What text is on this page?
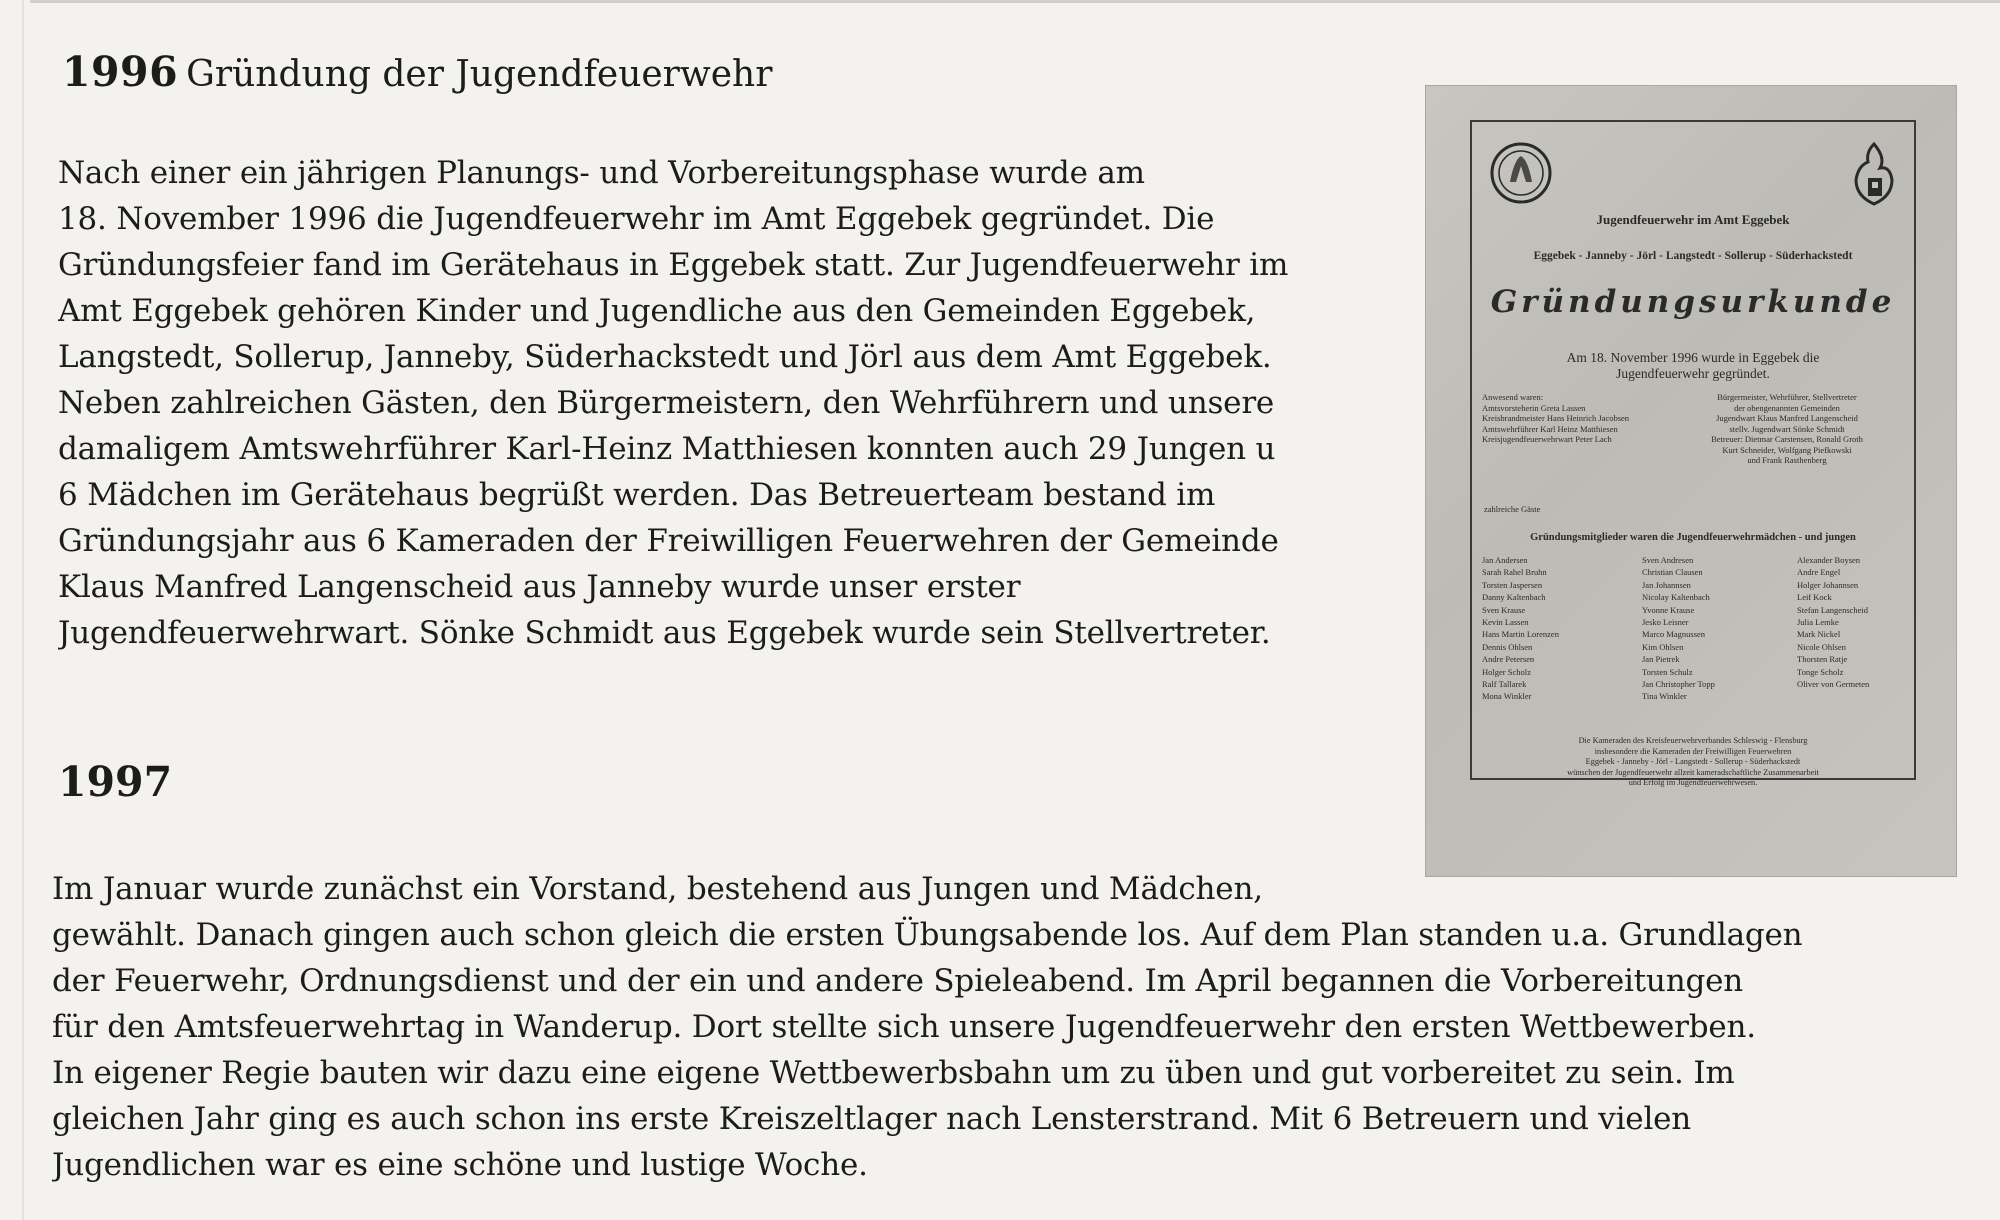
1996 Gründung der Jugendfeuerwehr
Nach einer ein jährigen Planungs- und Vorbereitungsphase wurde am
18. November 1996 die Jugendfeuerwehr im Amt Eggebek gegründet. Die
Gründungsfeier fand im Gerätehaus in Eggebek statt. Zur Jugendfeuerwehr im
Amt Eggebek gehören Kinder und Jugendliche aus den Gemeinden Eggebek,
Langstedt, Sollerup, Janneby, Süderhackstedt und Jörl aus dem Amt Eggebek.
Neben zahlreichen Gästen, den Bürgermeistern, den Wehrführern und unsere
damaligem Amtswehrführer Karl-Heinz Matthiesen konnten auch 29 Jungen u
6 Mädchen im Gerätehaus begrüßt werden. Das Betreuerteam bestand im
Gründungsjahr aus 6 Kameraden der Freiwilligen Feuerwehren der Gemeinde
Klaus Manfred Langenscheid aus Janneby wurde unser erster
Jugendfeuerwehrwart. Sönke Schmidt aus Eggebek wurde sein Stellvertreter.
1997
Im Januar wurde zunächst ein Vorstand, bestehend aus Jungen und Mädchen,
gewählt. Danach gingen auch schon gleich die ersten Übungsabende los. Auf dem Plan standen u.a. Grundlagen
der Feuerwehr, Ordnungsdienst und der ein und andere Spieleabend. Im April begannen die Vorbereitungen
für den Amtsfeuerwehrtag in Wanderup. Dort stellte sich unsere Jugendfeuerwehr den ersten Wettbewerben.
In eigener Regie bauten wir dazu eine eigene Wettbewerbsbahn um zu üben und gut vorbereitet zu sein. Im
gleichen Jahr ging es auch schon ins erste Kreiszeltlager nach Lensterstrand. Mit 6 Betreuern und vielen
Jugendlichen war es eine schöne und lustige Woche.
Jugendfeuerwehr im Amt Eggebek
Eggebek - Janneby - Jörl - Langstedt - Sollerup - Süderhackstedt
Gründungsurkunde
Am 18. November 1996 wurde in Eggebek die Jugendfeuerwehr gegründet.
Anwesend waren:
Amtsvorsteherin Greta Lassen
Kreisbrandmeister Hans Heinrich Jacobsen
Amtswehrführer Karl Heinz Matthiesen
Kreisjugendfeuerwehrwart Peter Lach
Bürgermeister, Wehrführer, Stellvertreter
der obengenannten Gemeinden
Jugendwart Klaus Manfred Langenscheid
stellv. Jugendwart Sönke Schmidt
Betreuer: Dietmar Carstensen, Ronald Groth
Kurt Schneider, Wolfgang Piefkowski
und Frank Rasthenberg
zahlreiche Gäste
Gründungsmitglieder waren die Jugendfeuerwehrmädchen - und jungen
Jan Andersen
Sarah Rahel Bruhn
Torsten Jaspersen
Danny Kaltenbach
Sven Krause
Kevin Lassen
Hans Martin Lorenzen
Dennis Ohlsen
Andre Petersen
Holger Scholz
Ralf Tallarek
Mona Winkler
Sven Andresen
Christian Clausen
Jan Johannsen
Nicolay Kaltenbach
Yvonne Krause
Jesko Leisner
Marco Magnussen
Kim Ohlsen
Jan Pietrek
Torsten Schulz
Jan Christopher Topp
Tina Winkler
Alexander Boysen
Andre Engel
Holger Johannsen
Leif Kock
Stefan Langenscheid
Julia Lemke
Mark Nickel
Nicole Ohlsen
Thorsten Ratje
Tonge Scholz
Oliver von Germeten
Die Kameraden des Kreisfeuerwehrverbandes Schleswig - Flensburg
insbesondere die Kameraden der Freiwilligen Feuerwehren
Eggebek - Janneby - Jörl - Langstedt - Sollerup - Süderhackstedt
wünschen der Jugendfeuerwehr allzeit kameradschaftliche Zusammenarbeit
und Erfolg im Jugendfeuerwehrwesen.
